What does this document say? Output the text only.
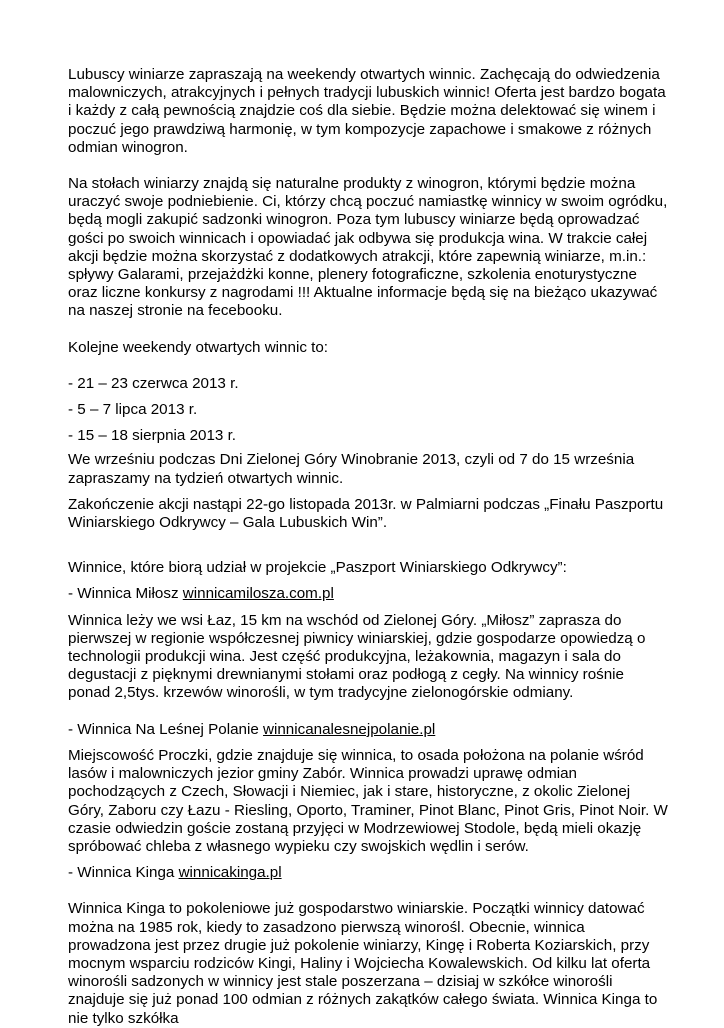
Lubuscy winiarze zapraszają na weekendy otwartych winnic. Zachęcają do odwiedzenia malowniczych, atrakcyjnych i pełnych tradycji lubuskich winnic! Oferta jest bardzo bogata i każdy z całą pewnością znajdzie coś dla siebie. Będzie można delektować się winem i poczuć jego prawdziwą harmonię, w tym kompozycje zapachowe i smakowe z różnych odmian winogron.

Na stołach winiarzy znajdą się naturalne produkty z winogron, którymi będzie można uraczyć swoje podniebienie. Ci, którzy chcą poczuć namiastkę winnicy w swoim ogródku, będą mogli zakupić sadzonki winogron. Poza tym lubuscy winiarze będą oprowadzać gości po swoich winnicach i opowiadać jak odbywa się produkcja wina. W trakcie całej akcji będzie można skorzystać z dodatkowych atrakcji, które zapewnią winiarze, m.in.: spływy Galarami, przejażdżki konne, plenery fotograficzne, szkolenia enoturystyczne oraz liczne konkursy z nagrodami !!! Aktualne informacje będą się na bieżąco ukazywać na naszej stronie na fecebooku.

Kolejne weekendy otwartych winnic to:

- 21 – 23 czerwca 2013 r.

- 5 – 7 lipca 2013 r.

- 15 – 18 sierpnia 2013 r.

We wrześniu podczas Dni Zielonej Góry Winobranie 2013, czyli od 7 do 15 września zapraszamy na tydzień otwartych winnic.

Zakończenie akcji nastąpi 22-go listopada 2013r. w Palmiarni podczas „Finału Paszportu Winiarskiego Odkrywcy – Gala Lubuskich Win”.

Winnice, które biorą udział w projekcie „Paszport Winiarskiego Odkrywcy”:

- Winnica Miłosz winnicamilosza.com.pl

Winnica leży we wsi Łaz, 15 km na wschód od Zielonej Góry. „Miłosz” zaprasza do pierwszej w regionie współczesnej piwnicy winiarskiej, gdzie gospodarze opowiedzą o technologii produkcji wina. Jest część produkcyjna, leżakownia, magazyn i sala do degustacji z pięknymi drewnianymi stołami oraz podłogą z cegły. Na winnicy rośnie ponad 2,5tys. krzewów winorośli, w tym tradycyjne zielonogórskie odmiany.

- Winnica Na Leśnej Polanie winnicanalesnejpolanie.pl

Miejscowość Proczki, gdzie znajduje się winnica, to osada położona na polanie wśród lasów i malowniczych jezior gminy Zabór. Winnica prowadzi uprawę odmian pochodzących z Czech, Słowacji i Niemiec, jak i stare, historyczne, z okolic Zielonej Góry, Zaboru czy Łazu - Riesling, Oporto, Traminer, Pinot Blanc, Pinot Gris, Pinot Noir. W czasie odwiedzin goście zostaną przyjęci w Modrzewiowej Stodole, będą mieli okazję spróbować chleba z własnego wypieku czy swojskich wędlin i serów.

- Winnica Kinga winnicakinga.pl

Winnica Kinga to pokoleniowe już gospodarstwo winiarskie. Początki winnicy datować można na 1985 rok, kiedy to zasadzono pierwszą winorośl. Obecnie, winnica prowadzona jest przez drugie już pokolenie winiarzy, Kingę i Roberta Koziarskich, przy mocnym wsparciu rodziców Kingi, Haliny i Wojciecha Kowalewskich. Od kilku lat oferta winorośli sadzonych w winnicy jest stale poszerzana – dzisiaj w szkółce winorośli znajduje się już ponad 100 odmian z różnych zakątków całego świata. Winnica Kinga to nie tylko szkółka
